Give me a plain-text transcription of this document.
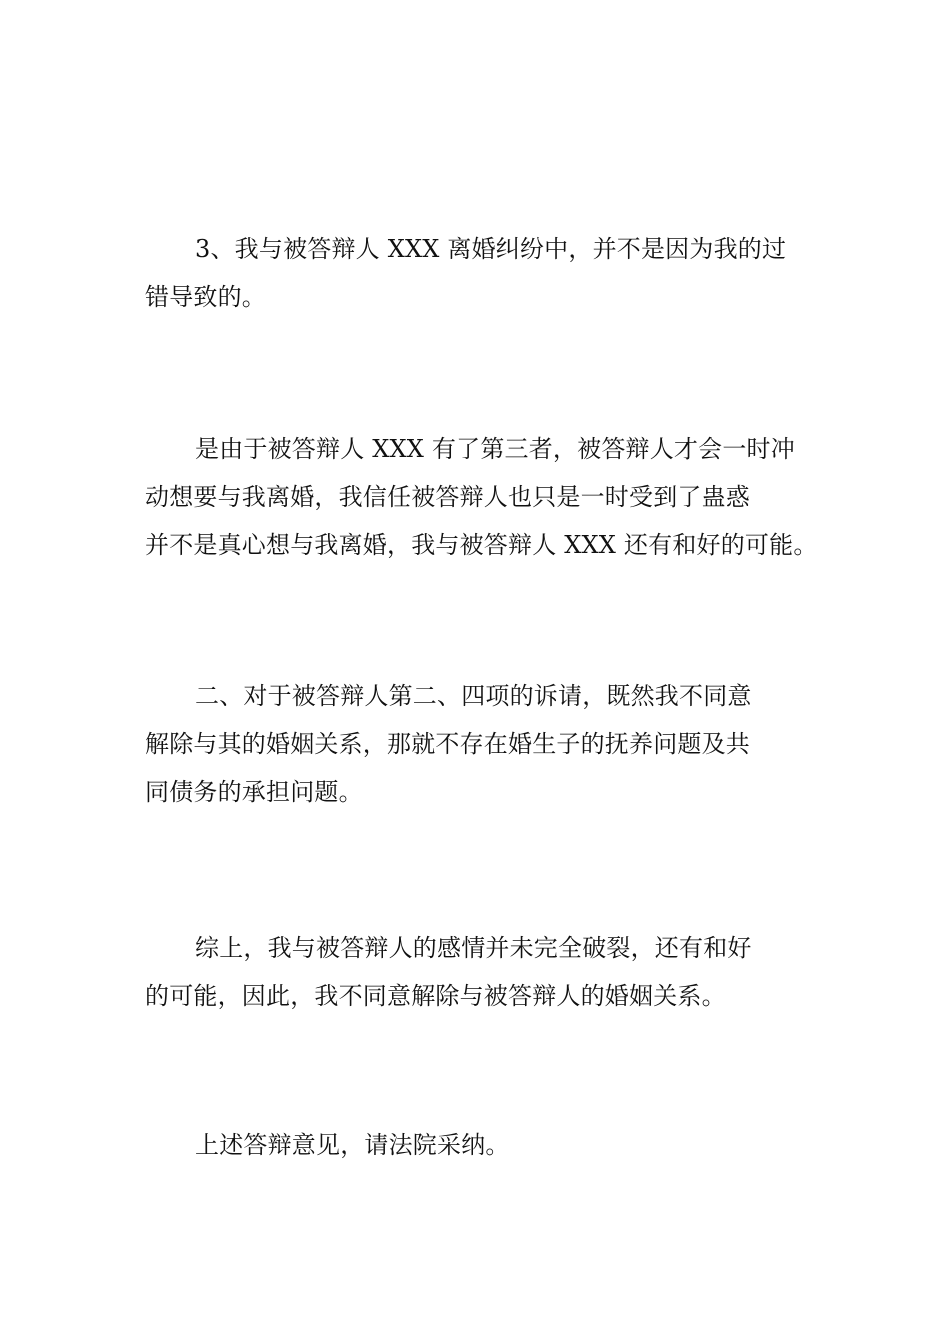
3、我与被答辩人 XXX 离婚纠纷中，并不是因为我的过
错导致的。
是由于被答辩人 XXX 有了第三者，被答辩人才会一时冲
动想要与我离婚，我信任被答辩人也只是一时受到了蛊惑
并不是真心想与我离婚，我与被答辩人 XXX 还有和好的可能。
二、对于被答辩人第二、四项的诉请，既然我不同意
解除与其的婚姻关系，那就不存在婚生子的抚养问题及共
同债务的承担问题。
综上，我与被答辩人的感情并未完全破裂，还有和好
的可能，因此，我不同意解除与被答辩人的婚姻关系。
上述答辩意见，请法院采纳。
